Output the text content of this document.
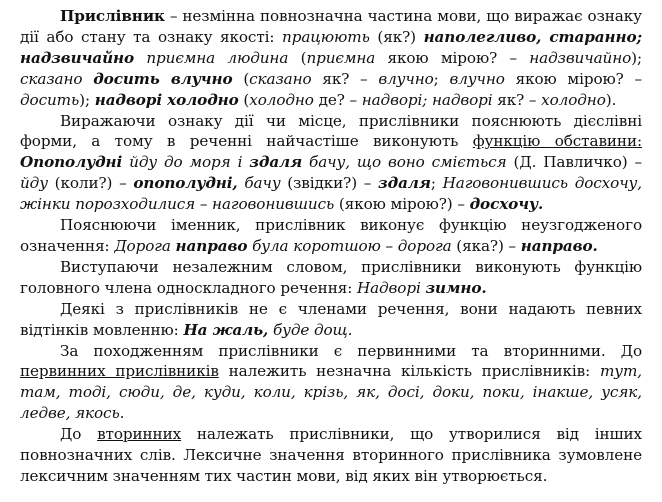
Прислівник – незмінна повнозначна частина мови, що виражає ознаку дії або стану та ознаку якості: працюють (як?) наполегливо, старанно; надзвичайно приємна людина (приємна якою мірою? – надзвичайно); сказано досить влучно (сказано як? – влучно; влучно якою мірою? – досить); надворі холодно (холодно де? – надворі; надворі як? – холодно).

Виражаючи ознаку дії чи місце, прислівники пояснюють дієслівні форми, а тому в реченні найчастіше виконують функцію обставини: Опополудні йду до моря і здаля бачу, що воно сміється (Д. Павличко) – йду (коли?) – опополудні, бачу (звідки?) – здаля; Наговонившись досхочу, жінки порозходилися – наговонившись (якою мірою?) – досхочу.

Пояснюючи іменник, прислівник виконує функцію неузгодженого означення: Дорога направо була коротшою – дорога (яка?) – направо.

Виступаючи незалежним словом, прислівники виконують функцію головного члена односкладного речення: Надворі зимно.

Деякі з прислівників не є членами речення, вони надають певних відтінків мовленню: На жаль, буде дощ.

За походженням прислівники є первинними та вторинними. До первинних прислівників належить незначна кількість прислівників: тут, там, тоді, сюди, де, куди, коли, крізь, як, досі, доки, поки, інакше, усяк, ледве, якось.

До вторинних належать прислівники, що утворилися від інших повнозначних слів. Лексичне значення вторинного прислівника зумовлене лексичним значенням тих частин мови, від яких він утворюється.
